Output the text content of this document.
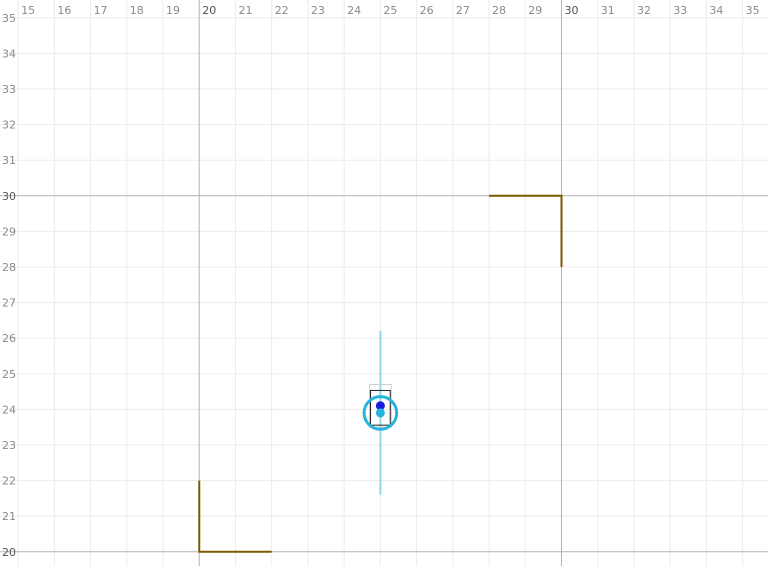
15 16 17 18 19 20 21 22 23 24 25 26 27 28 29 30 31 32 33 34 35
20
21
22
23
24
25
26
27
28
29
30
31
32
33
34
35
